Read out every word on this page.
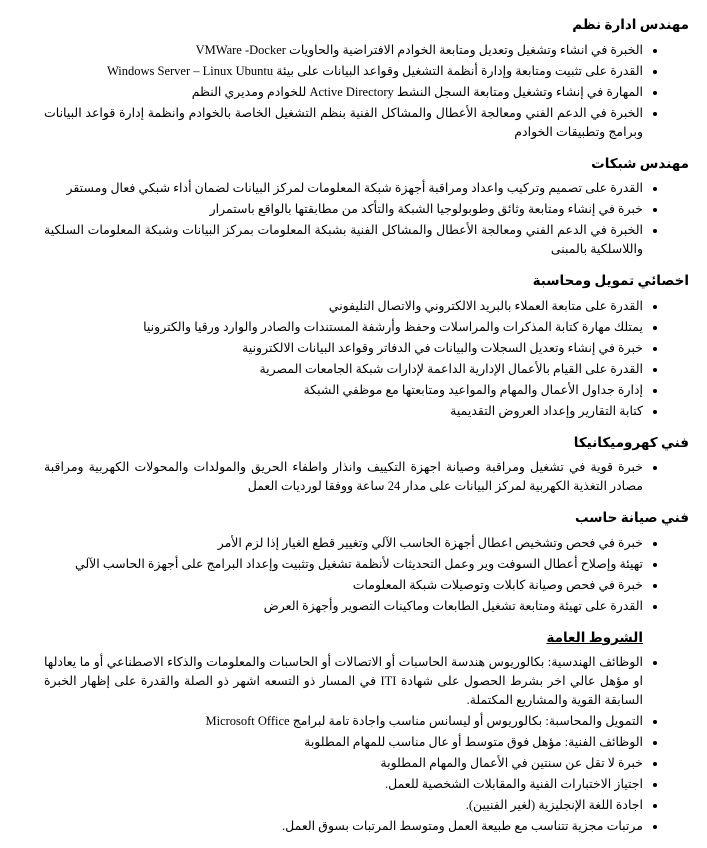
مهندس ادارة نظم
• الخبرة في انشاء وتشغيل وتعديل ومتابعة الخوادم الافتراضية والحاويات VMWare -Docker
• القدرة على تثبيت ومتابعة وإدارة أنظمة التشغيل وقواعد البيانات على بيئة Windows Server – Linux Ubuntu
• المهارة في إنشاء وتشغيل ومتابعة السجل النشط Active Directory للخوادم ومديري النظم
• الخبرة في الدعم الفني ومعالجة الأعطال والمشاكل الفنية بنظم التشغيل الخاصة بالخوادم وانظمة إدارة قواعد البيانات وبرامج وتطبيقات الخوادم
مهندس شبكات
• القدرة على تصميم وتركيب واعداد ومراقبة أجهزة شبكة المعلومات لمركز البيانات لضمان أداء شبكي فعال ومستقر
• خبرة في إنشاء ومتابعة وثائق وطوبولوجيا الشبكة والتأكد من مطابقتها بالواقع باستمرار
• الخبرة في الدعم الفني ومعالجة الأعطال والمشاكل الفنية بشبكة المعلومات بمركز البيانات وشبكة المعلومات السلكية واللاسلكية بالمبنى
اخصائي تمويل ومحاسبة
• القدرة على متابعة العملاء بالبريد الالكتروني والاتصال التليفوني
• يمتلك مهارة كتابة المذكرات والمراسلات وحفظ وأرشفة المستندات والصادر والوارد ورقيا والكترونيا
• خبرة في إنشاء وتعديل السجلات والبيانات في الدفاتر وقواعد البيانات الالكترونية
• القدرة على القيام بالأعمال الإدارية الداعمة لإدارات شبكة الجامعات المصرية
• إدارة جداول الأعمال والمهام والمواعيد ومتابعتها مع موظفي الشبكة
• كتابة التقارير وإعداد العروض التقديمية
فني كهروميكانيكا
• خبرة قوية في تشغيل ومراقبة وصيانة اجهزة التكييف وانذار واطفاء الحريق والمولدات والمحولات الكهربية ومراقبة مصادر التغذية الكهربية لمركز البيانات على مدار 24 ساعة ووفقا لورديات العمل
فني صيانة حاسب
• خبرة في فحص وتشخيص اعطال أجهزة الحاسب الآلي وتغيير قطع الغيار إذا لزم الأمر
• تهيئة وإصلاح أعطال السوفت وير وعمل التحديثات لأنظمة تشغيل وتثبيت وإعداد البرامج على أجهزة الحاسب الآلي
• خبرة في فحص وصيانة كابلات وتوصيلات شبكة المعلومات
• القدرة على تهيئة ومتابعة تشغيل الطابعات وماكينات التصوير وأجهزة العرض
الشروط العامة
• الوظائف الهندسية: بكالوريوس هندسة الحاسبات أو الاتصالات أو الحاسبات والمعلومات والذكاء الاصطناعي أو ما يعادلها او مؤهل عالي اخر بشرط الحصول على شهادة ITI في المسار ذو التسعه اشهر ذو الصلة والقدرة على إظهار الخبرة السابقة القوية والمشاريع المكتملة.
• التمويل والمحاسبة: بكالوريوس أو ليسانس مناسب واجادة تامة لبرامج Microsoft Office
• الوظائف الفنية: مؤهل فوق متوسط أو عال مناسب للمهام المطلوبة
• خبرة لا تقل عن سنتين في الأعمال والمهام المطلوبة
• اجتياز الاختبارات الفنية والمقابلات الشخصية للعمل.
• اجادة اللغة الإنجليزية (لغير الفنيين).
• مرتبات مجزية تتناسب مع طبيعة العمل ومتوسط المرتبات بسوق العمل.
